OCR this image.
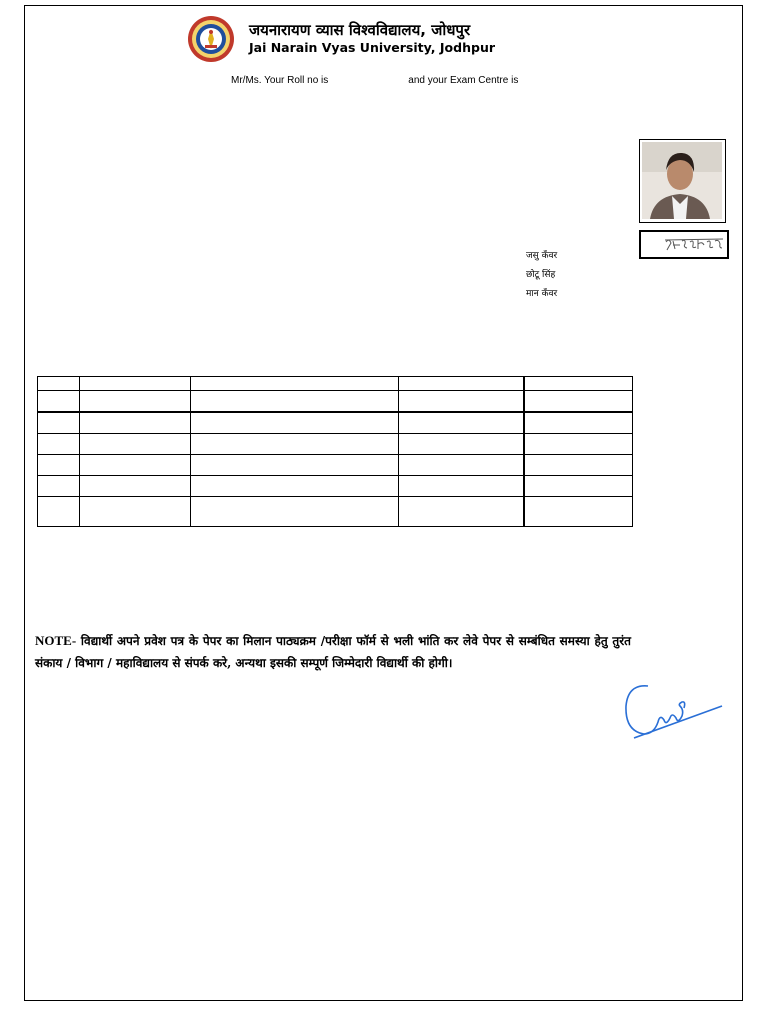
जयनारायण व्यास विश्वविद्यालय, जोधपुर
Jai Narain Vyas University, Jodhpur
Mr/Ms. Your Roll no is	and your Exam Centre is
जसु कँवर
छोटू सिंह
मान कँवर

NOTE- विद्यार्थी अपने प्रवेश पत्र के पेपर का मिलान पाठ्यक्रम /परीक्षा फॉर्म से भली भांति कर लेवे पेपर से सम्बंधित समस्या हेतु तुरंत संकाय / विभाग / महाविद्यालय से संपर्क करे, अन्यथा इसकी सम्पूर्ण जिम्मेदारी विद्यार्थी की होगी।
